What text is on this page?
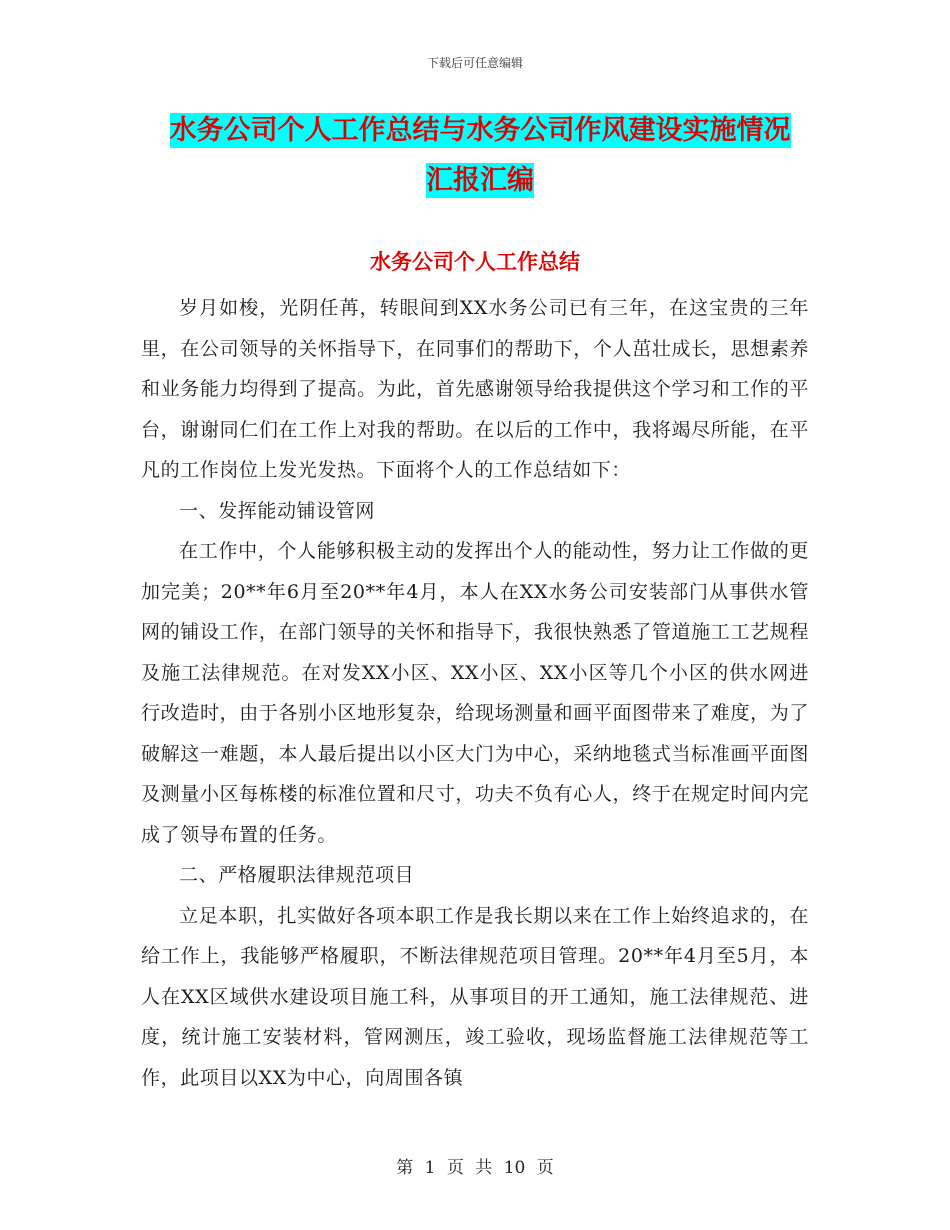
下载后可任意编辑
水务公司个人工作总结与水务公司作风建设实施情况
汇报汇编
水务公司个人工作总结

岁月如梭，光阴任苒，转眼间到XX水务公司已有三年，在这宝贵的三年里，在公司领导的关怀指导下，在同事们的帮助下，个人茁壮成长，思想素养和业务能力均得到了提高。为此，首先感谢领导给我提供这个学习和工作的平台，谢谢同仁们在工作上对我的帮助。在以后的工作中，我将竭尽所能，在平凡的工作岗位上发光发热。下面将个人的工作总结如下：

一、发挥能动铺设管网

在工作中，个人能够积极主动的发挥出个人的能动性，努力让工作做的更加完美；20**年6月至20**年4月，本人在XX水务公司安装部门从事供水管网的铺设工作，在部门领导的关怀和指导下，我很快熟悉了管道施工工艺规程及施工法律规范。在对发XX小区、XX小区、XX小区等几个小区的供水网进行改造时，由于各别小区地形复杂，给现场测量和画平面图带来了难度，为了破解这一难题，本人最后提出以小区大门为中心，采纳地毯式当标准画平面图及测量小区每栋楼的标准位置和尺寸，功夫不负有心人，终于在规定时间内完成了领导布置的任务。

二、严格履职法律规范项目

立足本职，扎实做好各项本职工作是我长期以来在工作上始终追求的，在给工作上，我能够严格履职，不断法律规范项目管理。20**年4月至5月，本人在XX区域供水建设项目施工科，从事项目的开工通知，施工法律规范、进度，统计施工安装材料，管网测压，竣工验收，现场监督施工法律规范等工作，此项目以XX为中心，向周围各镇

第 1 页 共 10 页
